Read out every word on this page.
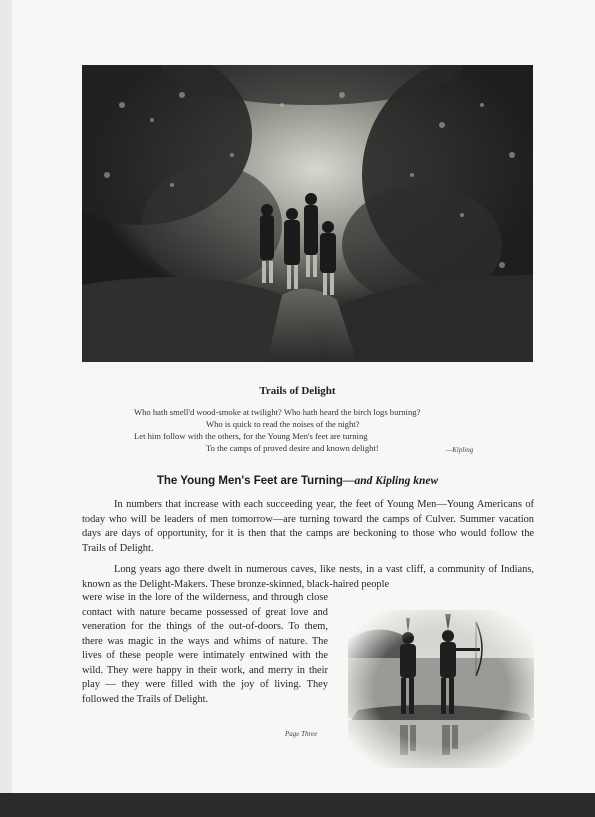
Trails of Delight
Who hath smell'd wood-smoke at twilight? Who hath heard the birch logs burning?
Who is quick to read the noises of the night?
Let him follow with the others, for the Young Men's feet are turning
To the camps of proved desire and known delight!	—Kipling
The Young Men's Feet are Turning—and Kipling knew
In numbers that increase with each succeeding year, the feet of Young Men—Young Americans of today who will be leaders of men tomorrow—are turning toward the camps of Culver. Summer vacation days are days of opportunity, for it is then that the camps are beckoning to those who would follow the Trails of Delight.
Long years ago there dwelt in numerous caves, like nests, in a vast cliff, a community of Indians, known as the Delight-Makers. These bronze-skinned, black-haired people
were wise in the lore of the wilderness, and through close contact with nature became possessed of great love and veneration for the things of the out-of-doors. To them, there was magic in the ways and whims of nature. The lives of these people were intimately entwined with the wild. They were happy in their work, and merry in their play — they were filled with the joy of living. They followed the Trails of Delight.
Page Three
